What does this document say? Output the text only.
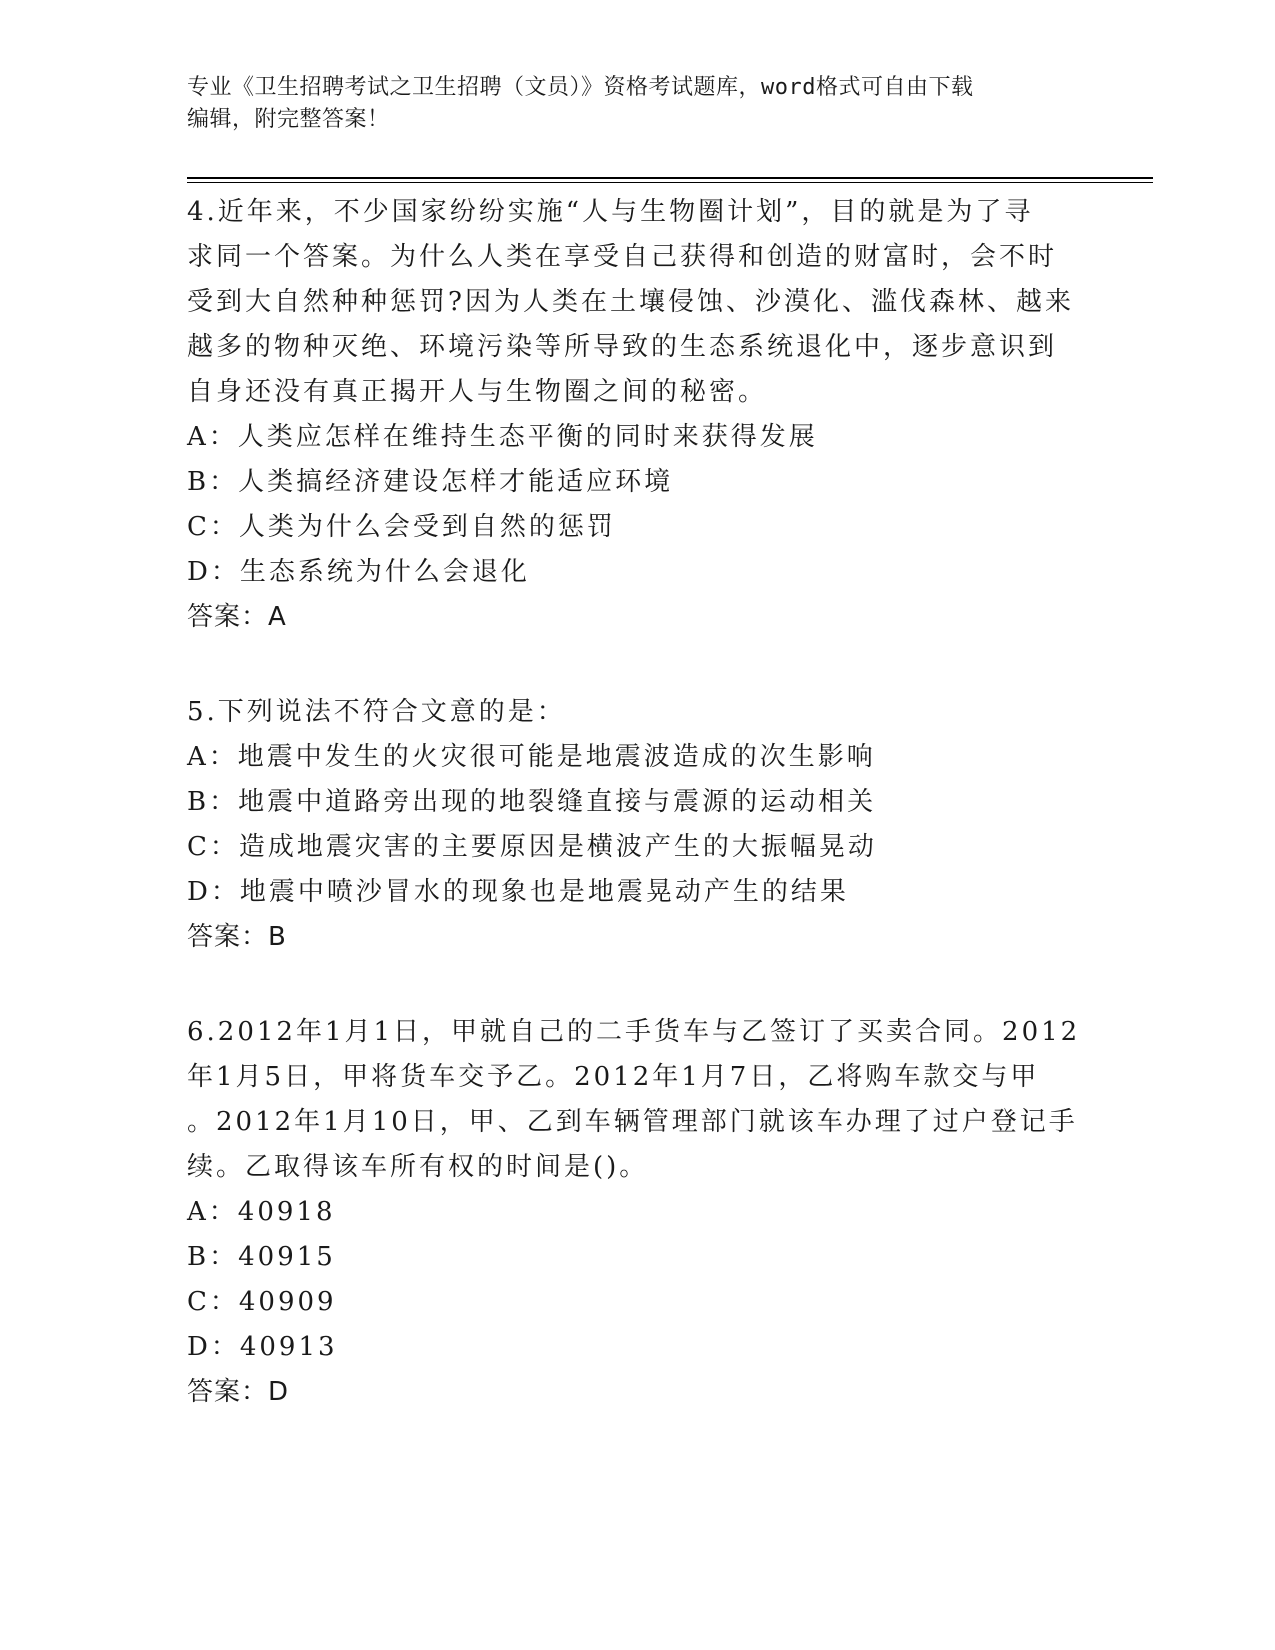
专业《卫生招聘考试之卫生招聘（文员）》资格考试题库，word格式可自由下载
编辑，附完整答案！
4.近年来，不少国家纷纷实施“人与生物圈计划”，目的就是为了寻
求同一个答案。为什么人类在享受自己获得和创造的财富时，会不时
受到大自然种种惩罚?因为人类在土壤侵蚀、沙漠化、滥伐森林、越来
越多的物种灭绝、环境污染等所导致的生态系统退化中，逐步意识到
自身还没有真正揭开人与生物圈之间的秘密。
A：人类应怎样在维持生态平衡的同时来获得发展
B：人类搞经济建设怎样才能适应环境
C：人类为什么会受到自然的惩罚
D：生态系统为什么会退化
答案：A
5.下列说法不符合文意的是：
A：地震中发生的火灾很可能是地震波造成的次生影响
B：地震中道路旁出现的地裂缝直接与震源的运动相关
C：造成地震灾害的主要原因是横波产生的大振幅晃动
D：地震中喷沙冒水的现象也是地震晃动产生的结果
答案：B
6.2012年1月1日，甲就自己的二手货车与乙签订了买卖合同。2012
年1月5日，甲将货车交予乙。2012年1月7日，乙将购车款交与甲
。2012年1月10日，甲、乙到车辆管理部门就该车办理了过户登记手
续。乙取得该车所有权的时间是()。
A：40918
B：40915
C：40909
D：40913
答案：D
